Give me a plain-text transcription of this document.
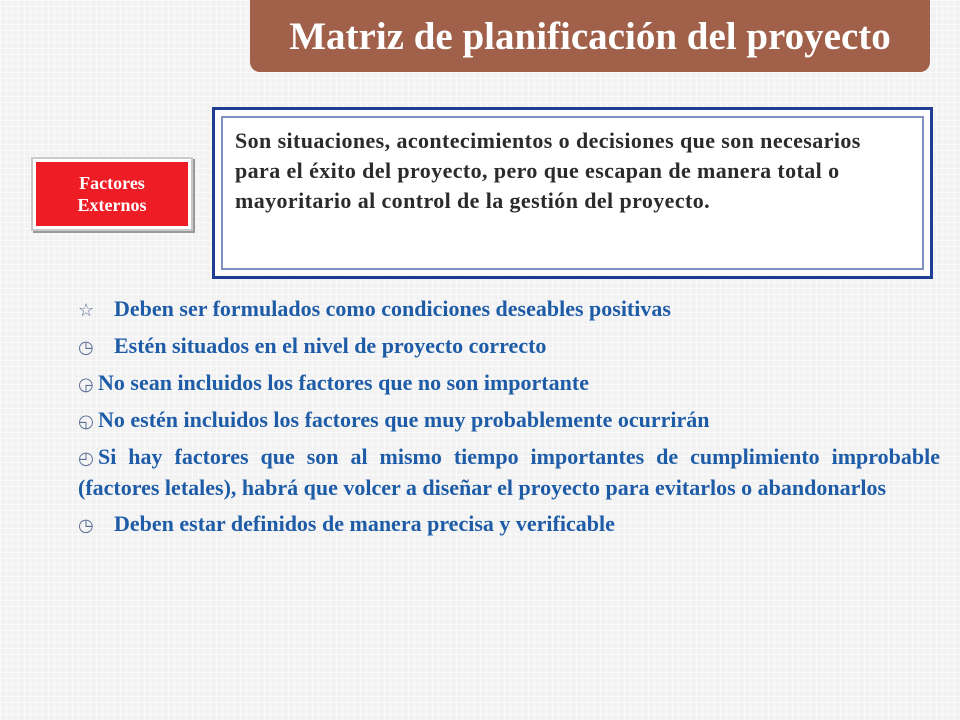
Matriz de planificación del proyecto
Factores
Externos
Son situaciones, acontecimientos o decisiones que son necesarios para el éxito del proyecto, pero que escapan de manera total o mayoritario al control de la gestión del proyecto.
☆ Deben ser formulados como condiciones deseables positivas
◷ Estén situados en el nivel de proyecto correcto
◶ No sean incluidos los factores que no son importante
◵ No estén incluidos los factores que muy probablemente ocurrirán
◴ Si hay factores que son al mismo tiempo importantes de cumplimiento improbable (factores letales), habrá que volcer a diseñar el proyecto para evitarlos o abandonarlos
◷ Deben estar definidos de manera precisa y verificable
